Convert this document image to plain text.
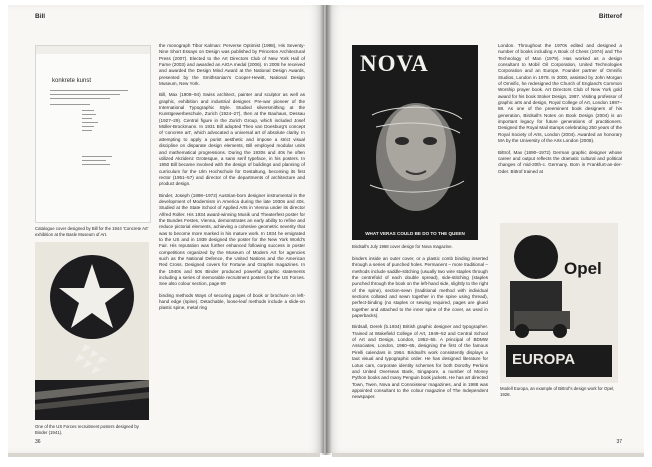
Bill
konkrete kunst
Catalogue cover designed by Bill for the 1944 'Concrete Art' exhibition at the Basle Museum of Art.
One of the US Forces recruitment posters designed by Binder (1941).

the monograph Tibor Kalman: Perverse Optimist (1998), His Seventy-Nine Short Essays on Design was published by Princeton Architectural Press (2007). Elected to the Art Directors Club of New York Hall of Fame (2003) and awarded an AIGA medal (2006). In 2008 he received and awarded the Design Mind Award at the National Design Awards, presented by the Smithsonian's Cooper-Hewitt, National Design Museum, New York.

Bill, Max (1908–94) Swiss architect, painter and sculptor as well as graphic, exhibition and industrial designer. Pre-war pioneer of the International Typographic Style. Studied silversmithing at the Kunstgewerbeschule, Zurich (1924–27), then at the Bauhaus, Dessau (1927–29). Central figure in the Zurich Group, which included Josef Müller-Brockmann. In 1931 Bill adopted Theo van Doesburg's concept of 'concrete art', which advocated a universal art of absolute clarity. In attempting to apply a purist aesthetic and impose a strict visual discipline on disparate design elements, Bill employed modular units and mathematical progressions. During the 1930s and 40s he often utilized Akzidenz Grotesque, a sans serif typeface, in his posters. In 1950 Bill became involved with the design of buildings and planning of curriculum for the Ulm Hochschule für Gestaltung, becoming its first rector (1951–57) and director of the departments of architecture and product design.

Binder, Joseph (1898–1972) Austrian-born designer instrumental in the development of Modernism in America during the late 1930s and 40s. Studied at the State School of Applied Arts in Vienna under its director Alfred Roller. His 1934 award-winning Musik und Theaterfest poster for the Bundes Festes, Vienna, demonstrates an early ability to refine and reduce pictorial elements, achieving a cohesive geometric severity that was to become more marked in his mature work. In 1934 he emigrated to the US and in 1939 designed the poster for the New York World's Fair. His reputation was further enhanced following success in poster competitions organized by the Museum of Modern Art for agencies such as the National Defence, the United Nations and the American Red Cross. Designed covers for Fortune and Graphis magazines. In the 1940s and 50s Binder produced powerful graphic statements including a series of memorable recruitment posters for the US Forces. See also colour section, page 69

binding methods Ways of securing pages of book or brochure on left-hand edge (spine). Detachable, loose-leaf methods include a slide-on plastic spine, metal ring

36
Bitterof
NOVA
WHAT VERAS COULD BE DO TO THE QUEEN
Birdsall's July 1968 cover design for Nova magazine.

binders inside an outer cover, or a plastic comb binding inserted through a series of punched holes. Permanent – more traditional – methods include saddle-stitching (usually two wire staples through the centrefold of each double spread), side-stitching (staples punched through the book on the left-hand side, slightly to the right of the spine), section-sewn (traditional method with individual sections collated and sewn together in the spine using thread), perfect-binding (no staples or sewing required, pages are glued together and attached to the inner spine of the cover, as used in paperbacks).

Birdsall, Derek (b.1934) British graphic designer and typographer. Trained at Wakefield College of Art, 1949–52 and Central School of Art and Design, London, 1952–55. A principal of BDMW Associates, London, 1960–65, designing the first of the famous Pirelli calendars in 1964. Birdsall's work consistently displays a taut visual and typographic order. He has designed literature for Lotus cars, corporate identity schemes for both Dorothy Perkins and United Overseas Bank, Singapore, a number of Money Python books and many Penguin book jackets. He has art directed Town, Twen, Nova and Connoisseur magazines, and in 1988 was appointed consultant to the colour magazine of The Independent newspaper.

London. Throughout the 1970s edited and designed a number of books including A Book of Chess (1974) and The Technology of Man (1979). Has worked as a design consultant to Mobil Oil Corporation, United Technologies Corporation and an Europe. Founder partner of Omnific Studios, London in 1978. In 2000, assisted by John Morgan of Omnific, he redesigned the Church of England's Common Worship prayer book. Art Directors Club of New York gold award for his book Stoker Design, 1987. Visiting professor of graphic arts and design, Royal College of Art, London 1987–88. As one of the preeminent book designers of his generation, Birdsall's Notes on Book Design (2004) is an important legacy for future generations of practitioners. Designed the Royal Mail stamps celebrating 250 years of the Royal Society of Arts, London (2004). Awarded an honorary MA by the University of the Arts London (2008).

Bittrof, Max (1890–1972) German graphic designer whose career and output reflects the dramatic cultural and political changes of mid-20th-c. Germany. Born in Frankfurt-an-der-Oder. Bittrof trained at

Opel
EUROPA
Modell Europa, an example of Bittrof's design work for Opel, 1928.
37
